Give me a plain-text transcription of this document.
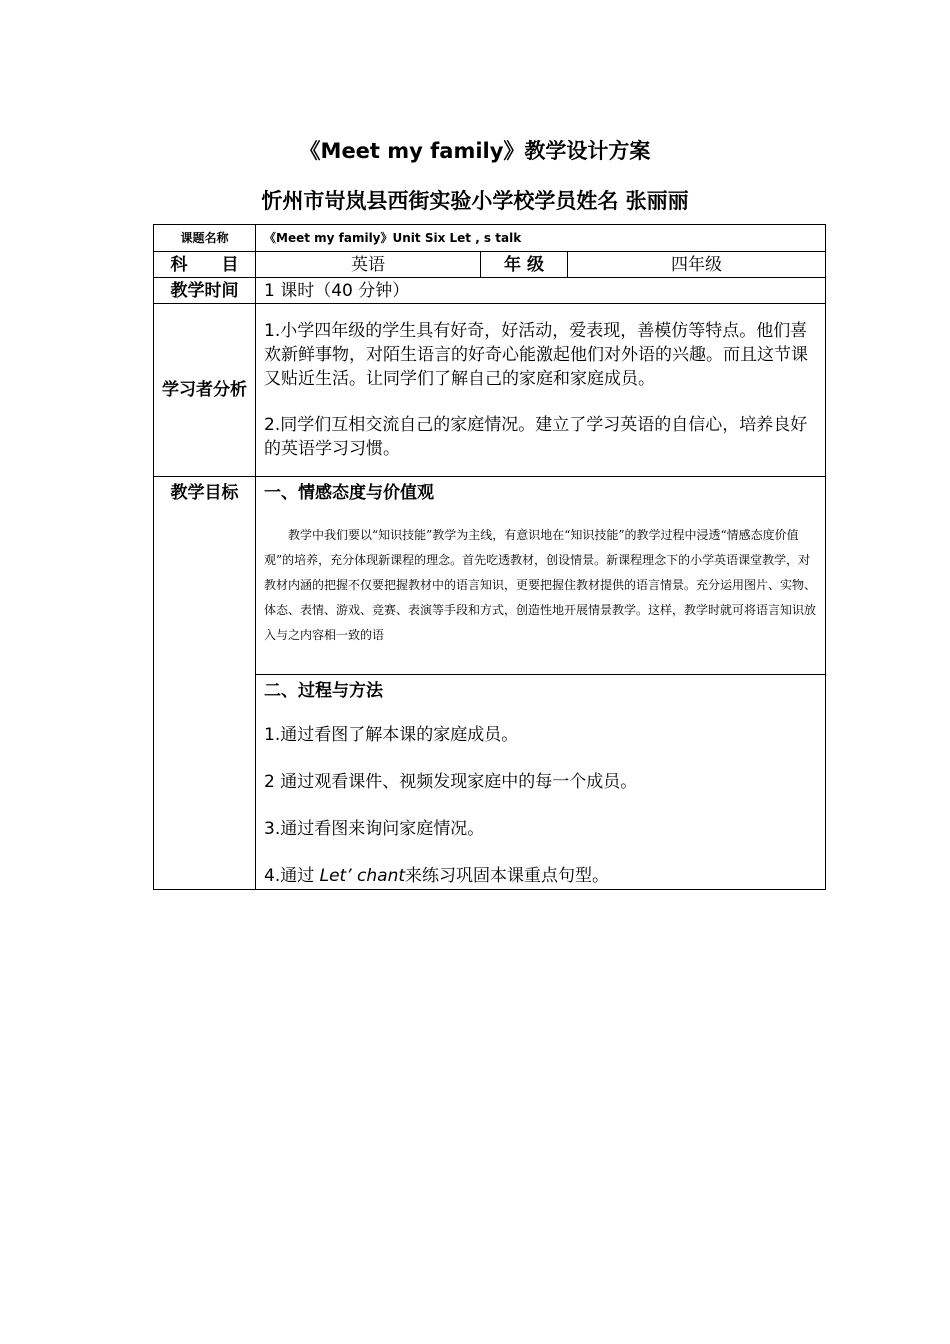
《Meet my family》教学设计方案
忻州市岢岚县西街实验小学校学员姓名 张丽丽
课题名称	《Meet my family》Unit Six Let , s talk		
科　　目	英语	年 级	四年级
教学时间	1 课时（40 分钟）		
学习者分析	1.小学四年级的学生具有好奇，好活动，爱表现，善模仿等特点。他们喜欢新鲜事物，对陌生语言的好奇心能激起他们对外语的兴趣。而且这节课又贴近生活。让同学们了解自己的家庭和家庭成员。

2.同学们互相交流自己的家庭情况。建立了学习英语的自信心，培养良好的英语学习习惯。		

教学目标	一、情感态度与价值观

教学中我们要以“知识技能”教学为主线，有意识地在“知识技能”的教学过程中浸透“情感态度价值观”的培养，充分体现新课程的理念。首先吃透教材，创设情景。新课程理念下的小学英语课堂教学，对教材内涵的把握不仅要把握教材中的语言知识，更要把握住教材提供的语言情景。充分运用图片、实物、体态、表情、游戏、竞赛、表演等手段和方式，创造性地开展情景教学。这样，教学时就可将语言知识放入与之内容相一致的语		

	二、过程与方法

1.通过看图了解本课的家庭成员。

2 通过观看课件、视频发现家庭中的每一个成员。

3.通过看图来询问家庭情况。

4.通过 Let’ chant来练习巩固本课重点句型。		
